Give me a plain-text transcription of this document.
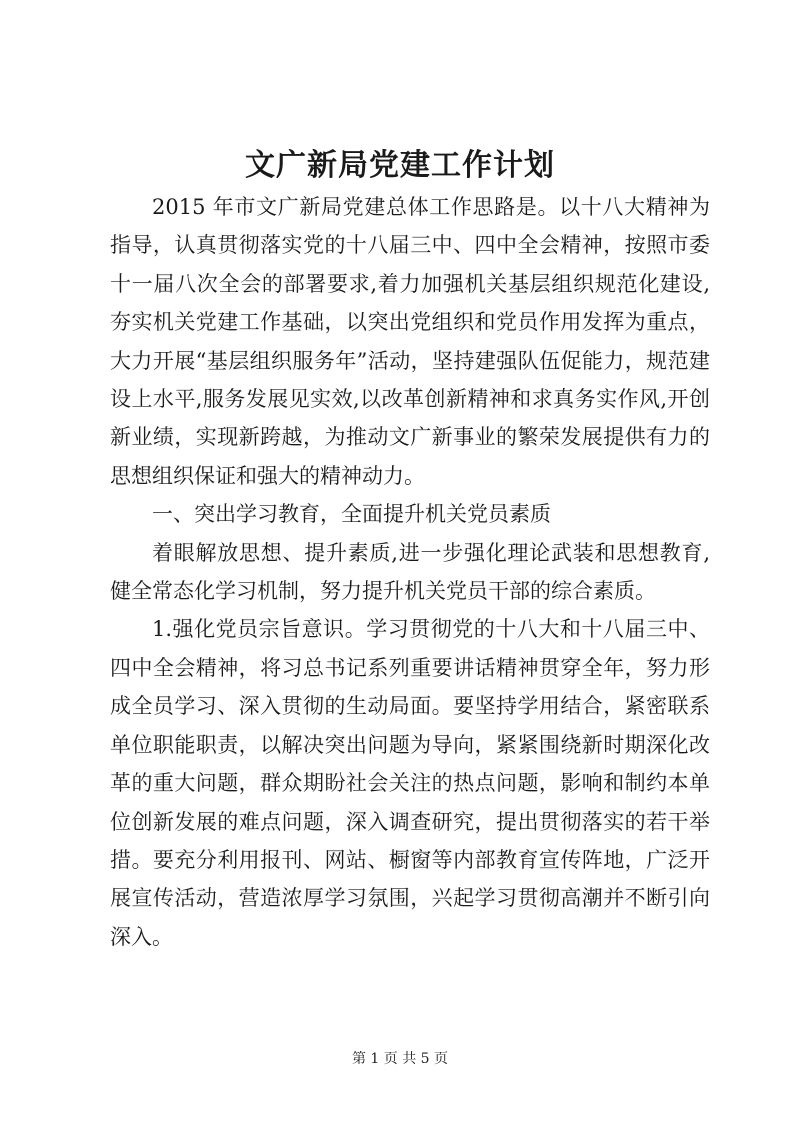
文广新局党建工作计划

2015 年市文广新局党建总体工作思路是。以十八大精神为指导，认真贯彻落实党的十八届三中、四中全会精神，按照市委十一届八次全会的部署要求,着力加强机关基层组织规范化建设,夯实机关党建工作基础，以突出党组织和党员作用发挥为重点，大力开展“基层组织服务年”活动，坚持建强队伍促能力，规范建设上水平,服务发展见实效,以改革创新精神和求真务实作风,开创新业绩，实现新跨越，为推动文广新事业的繁荣发展提供有力的思想组织保证和强大的精神动力。

一、突出学习教育，全面提升机关党员素质

着眼解放思想、提升素质,进一步强化理论武装和思想教育,健全常态化学习机制，努力提升机关党员干部的综合素质。

1.强化党员宗旨意识。学习贯彻党的十八大和十八届三中、四中全会精神，将习总书记系列重要讲话精神贯穿全年，努力形成全员学习、深入贯彻的生动局面。要坚持学用结合，紧密联系单位职能职责，以解决突出问题为导向，紧紧围绕新时期深化改革的重大问题，群众期盼社会关注的热点问题，影响和制约本单位创新发展的难点问题，深入调查研究，提出贯彻落实的若干举措。要充分利用报刊、网站、橱窗等内部教育宣传阵地，广泛开展宣传活动，营造浓厚学习氛围，兴起学习贯彻高潮并不断引向深入。

第 1 页 共 5 页
